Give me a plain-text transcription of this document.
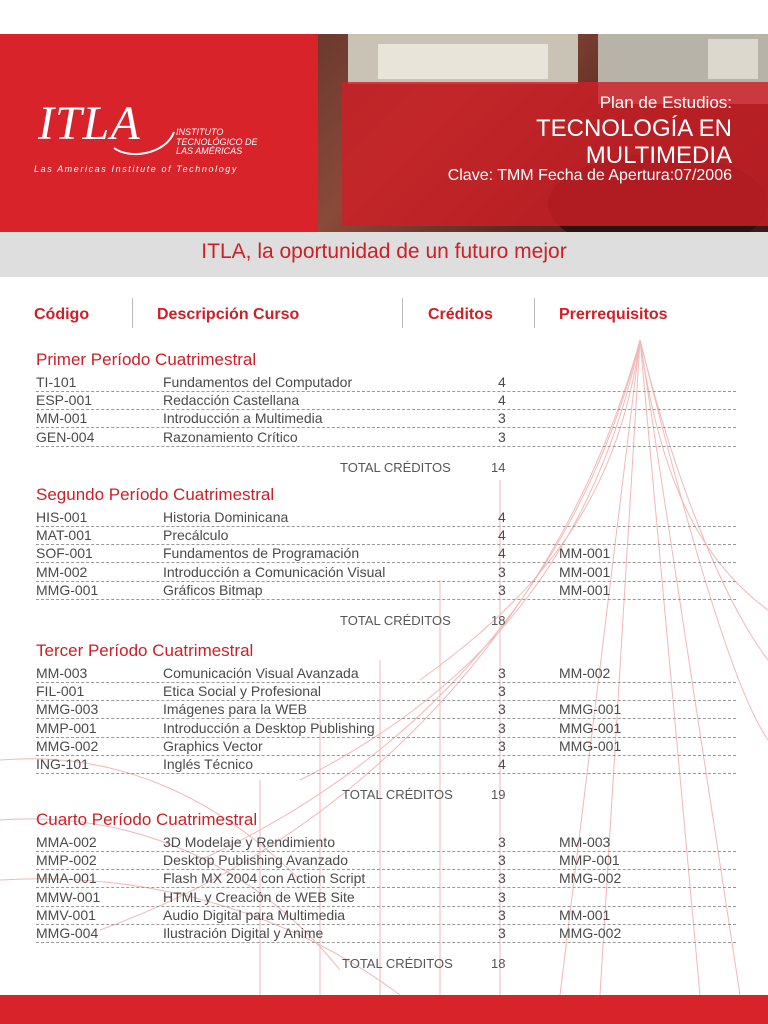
ITLA	INSTITUTO
TECNOLÓGICO DE
LAS AMÉRICAS
Las Americas Institute of Technology
Plan de Estudios:
TECNOLOGÍA EN
MULTIMEDIA
Clave: TMM Fecha de Apertura:07/2006
ITLA, la oportunidad de un futuro mejor
Código	Descripción Curso	Créditos	Prerrequisitos
Primer Período Cuatrimestral
TI-101	Fundamentos del Computador	4
ESP-001	Redacción Castellana	4
MM-001	Introducción a Multimedia	3
GEN-004	Razonamiento Crítico	3
TOTAL CRÉDITOS	14
Segundo Período Cuatrimestral
HIS-001	Historia Dominicana	4
MAT-001	Precálculo	4
SOF-001	Fundamentos de Programación	4	MM-001
MM-002	Introducción a Comunicación Visual	3	MM-001
MMG-001	Gráficos Bitmap	3	MM-001
TOTAL CRÉDITOS	18
Tercer Período Cuatrimestral
MM-003	Comunicación Visual Avanzada	3	MM-002
FIL-001	Etica Social y Profesional	3
MMG-003	Imágenes para la WEB	3	MMG-001
MMP-001	Introducción a Desktop Publishing	3	MMG-001
MMG-002	Graphics Vector	3	MMG-001
ING-101	Inglés Técnico	4
TOTAL CRÉDITOS	19
Cuarto Período Cuatrimestral
MMA-002	3D Modelaje y Rendimiento	3	MM-003
MMP-002	Desktop Publishing Avanzado	3	MMP-001
MMA-001	Flash MX 2004 con Action Script	3	MMG-002
MMW-001	HTML y Creación de WEB Site	3
MMV-001	Audio Digital para Multimedia	3	MM-001
MMG-004	Ilustración Digital y Anime	3	MMG-002
TOTAL CRÉDITOS	18
